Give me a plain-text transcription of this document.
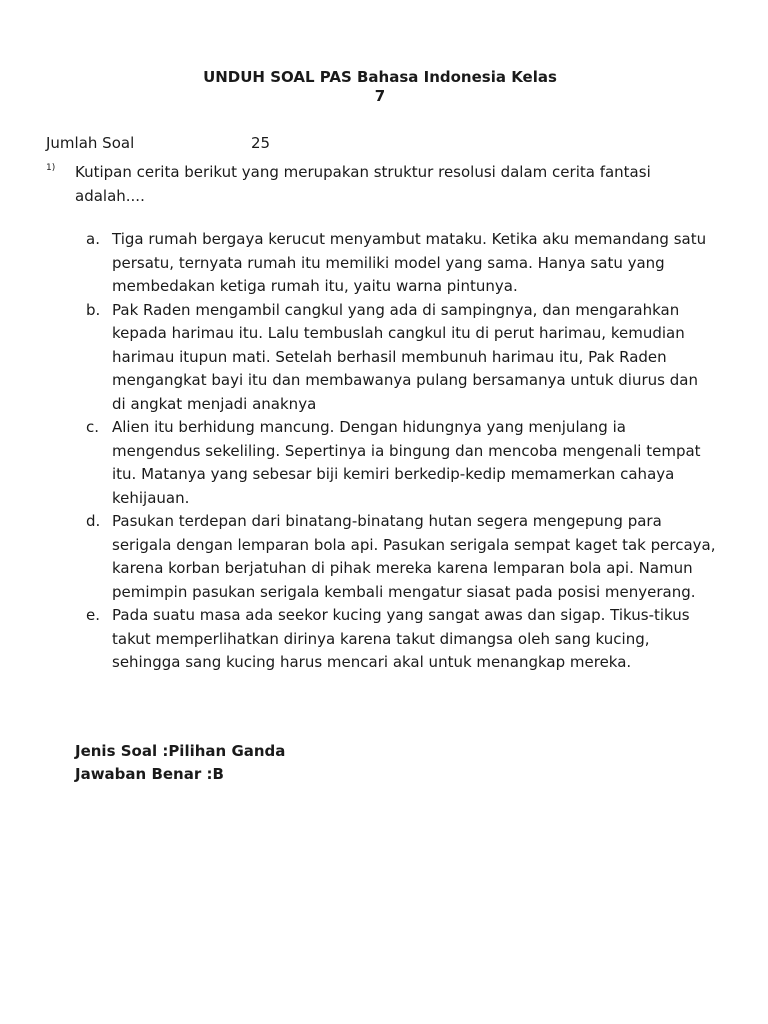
UNDUH SOAL PAS Bahasa Indonesia Kelas
7
Jumlah Soal	25
1) Kutipan cerita berikut yang merupakan struktur resolusi dalam cerita fantasi adalah....
a. Tiga rumah bergaya kerucut menyambut mataku. Ketika aku memandang satu persatu, ternyata rumah itu memiliki model yang sama. Hanya satu yang membedakan ketiga rumah itu, yaitu warna pintunya.
b. Pak Raden mengambil cangkul yang ada di sampingnya, dan mengarahkan kepada harimau itu. Lalu tembuslah cangkul itu di perut harimau, kemudian harimau itupun mati. Setelah berhasil membunuh harimau itu, Pak Raden mengangkat bayi itu dan membawanya pulang bersamanya untuk diurus dan di angkat menjadi anaknya
c. Alien itu berhidung mancung. Dengan hidungnya yang menjulang ia mengendus sekeliling. Sepertinya ia bingung dan mencoba mengenali tempat itu. Matanya yang sebesar biji kemiri berkedip-kedip memamerkan cahaya kehijauan.
d. Pasukan terdepan dari binatang-binatang hutan segera mengepung para serigala dengan lemparan bola api. Pasukan serigala sempat kaget tak percaya, karena korban berjatuhan di pihak mereka karena lemparan bola api. Namun pemimpin pasukan serigala kembali mengatur siasat pada posisi menyerang.
e. Pada suatu masa ada seekor kucing yang sangat awas dan sigap. Tikus-tikus takut memperlihatkan dirinya karena takut dimangsa oleh sang kucing, sehingga sang kucing harus mencari akal untuk menangkap mereka.
Jenis Soal :Pilihan Ganda
Jawaban Benar :B
